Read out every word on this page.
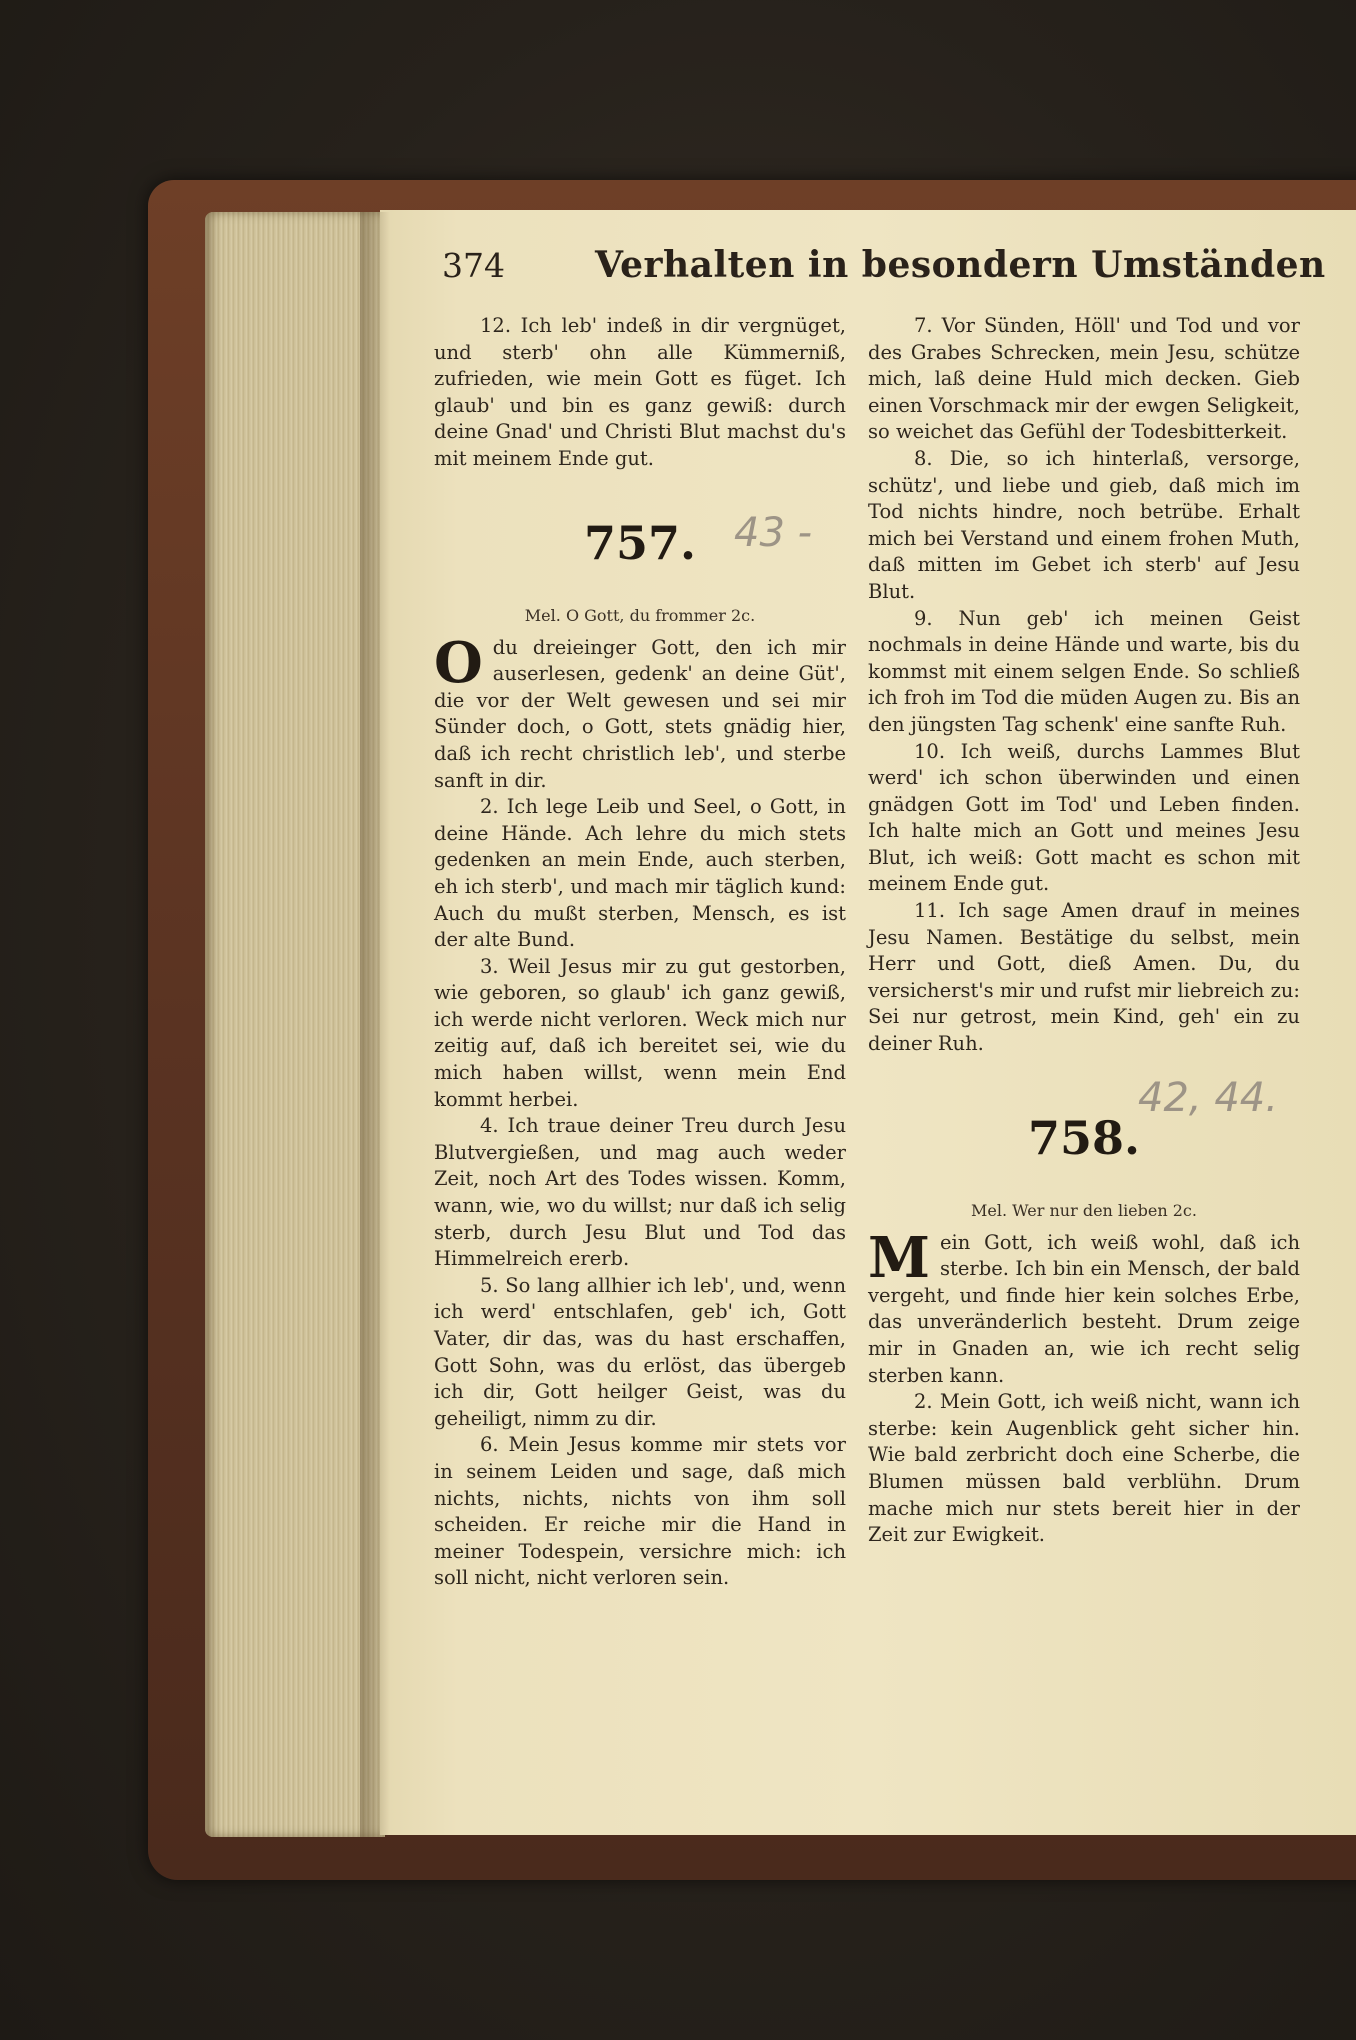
374	Verhalten in besondern Umständen

12. Ich leb' indeß in dir vergnüget, und sterb' ohn alle Kümmerniß, zufrieden, wie mein Gott es füget. Ich glaub' und bin es ganz gewiß: durch deine Gnad' und Christi Blut machst du's mit meinem Ende gut.

757. 43 -

Mel. O Gott, du frommer 2c.

O du dreieinger Gott, den ich mir auserlesen, gedenk' an deine Güt', die vor der Welt gewesen und sei mir Sünder doch, o Gott, stets gnädig hier, daß ich recht christlich leb', und sterbe sanft in dir.

2. Ich lege Leib und Seel, o Gott, in deine Hände. Ach lehre du mich stets gedenken an mein Ende, auch sterben, eh ich sterb', und mach mir täglich kund: Auch du mußt sterben, Mensch, es ist der alte Bund.

3. Weil Jesus mir zu gut gestorben, wie geboren, so glaub' ich ganz gewiß, ich werde nicht verloren. Weck mich nur zeitig auf, daß ich bereitet sei, wie du mich haben willst, wenn mein End kommt herbei.

4. Ich traue deiner Treu durch Jesu Blutvergießen, und mag auch weder Zeit, noch Art des Todes wissen. Komm, wann, wie, wo du willst; nur daß ich selig sterb, durch Jesu Blut und Tod das Himmelreich ererb.

5. So lang allhier ich leb', und, wenn ich werd' entschlafen, geb' ich, Gott Vater, dir das, was du hast erschaffen, Gott Sohn, was du erlöst, das übergeb ich dir, Gott heilger Geist, was du geheiligt, nimm zu dir.

6. Mein Jesus komme mir stets vor in seinem Leiden und sage, daß mich nichts, nichts, nichts von ihm soll scheiden. Er reiche mir die Hand in meiner Todespein, versichre mich: ich soll nicht, nicht verloren sein.

7. Vor Sünden, Höll' und Tod und vor des Grabes Schrecken, mein Jesu, schütze mich, laß deine Huld mich decken. Gieb einen Vorschmack mir der ewgen Seligkeit, so weichet das Gefühl der Todesbitterkeit.

8. Die, so ich hinterlaß, versorge, schütz', und liebe und gieb, daß mich im Tod nichts hindre, noch betrübe. Erhalt mich bei Verstand und einem frohen Muth, daß mitten im Gebet ich sterb' auf Jesu Blut.

9. Nun geb' ich meinen Geist nochmals in deine Hände und warte, bis du kommst mit einem selgen Ende. So schließ ich froh im Tod die müden Augen zu. Bis an den jüngsten Tag schenk' eine sanfte Ruh.

10. Ich weiß, durchs Lammes Blut werd' ich schon überwinden und einen gnädgen Gott im Tod' und Leben finden. Ich halte mich an Gott und meines Jesu Blut, ich weiß: Gott macht es schon mit meinem Ende gut.

11. Ich sage Amen drauf in meines Jesu Namen. Bestätige du selbst, mein Herr und Gott, dieß Amen. Du, du versicherst's mir und rufst mir liebreich zu: Sei nur getrost, mein Kind, geh' ein zu deiner Ruh.

758.
42, 44.

Mel. Wer nur den lieben 2c.

M ein Gott, ich weiß wohl, daß ich sterbe. Ich bin ein Mensch, der bald vergeht, und finde hier kein solches Erbe, das unveränderlich besteht. Drum zeige mir in Gnaden an, wie ich recht selig sterben kann.

2. Mein Gott, ich weiß nicht, wann ich sterbe: kein Augenblick geht sicher hin. Wie bald zerbricht doch eine Scherbe, die Blumen müssen bald verblühn. Drum mache mich nur stets bereit hier in der Zeit zur Ewigkeit.
